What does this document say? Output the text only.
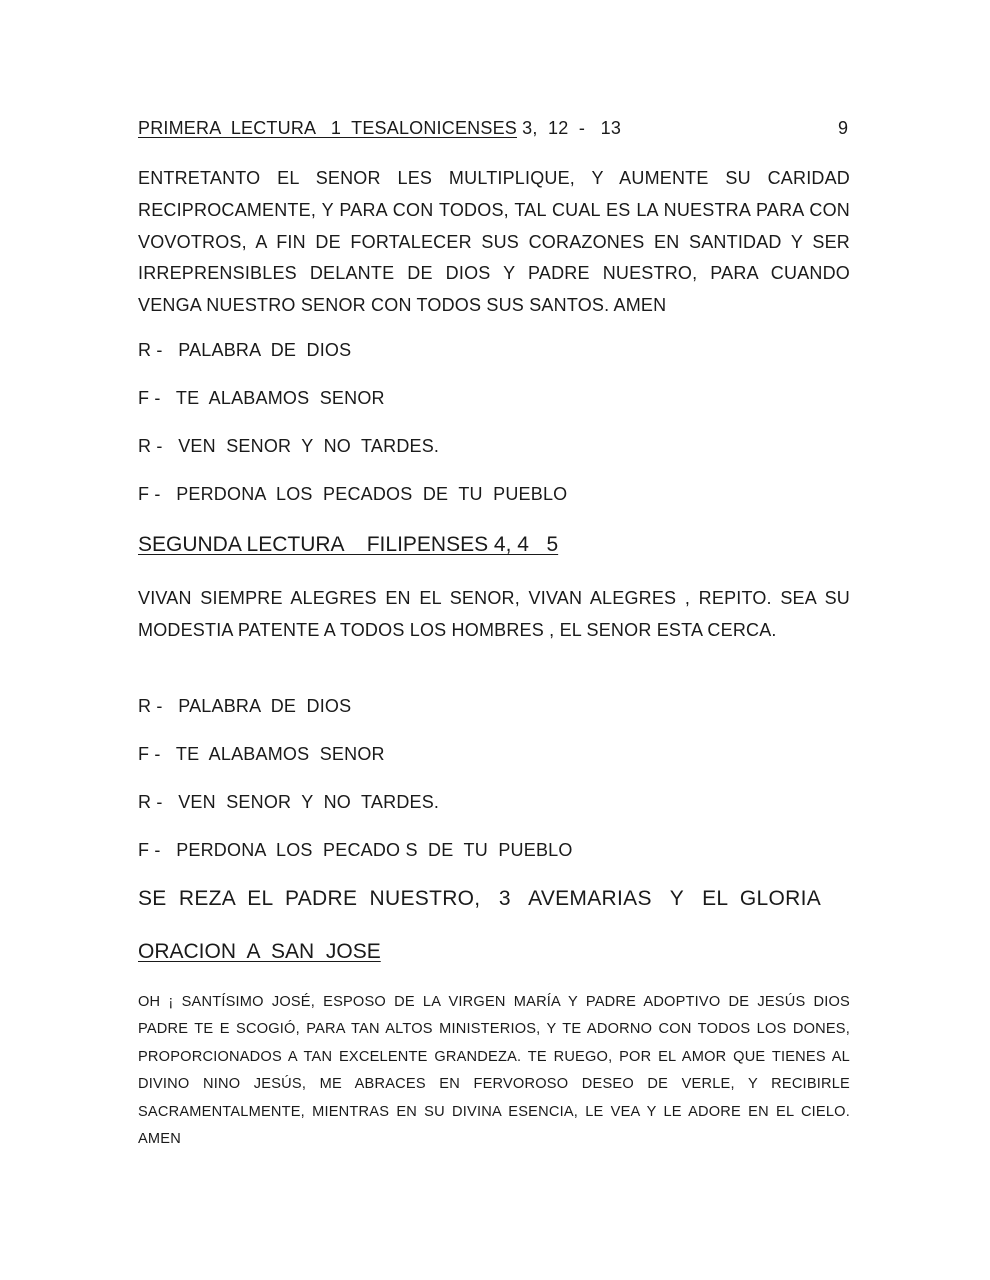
PRIMERA  LECTURA   1  TESALONICENSES 3,  12  -   13	9

ENTRETANTO EL SENOR LES MULTIPLIQUE, Y AUMENTE SU CARIDAD RECIPROCAMENTE, Y PARA CON TODOS, TAL CUAL ES LA NUESTRA PARA CON VOVOTROS, A FIN DE FORTALECER SUS CORAZONES EN SANTIDAD Y SER IRREPRENSIBLES DELANTE DE DIOS Y PADRE NUESTRO, PARA CUANDO VENGA NUESTRO SENOR CON TODOS SUS SANTOS. AMEN

R -   PALABRA  DE  DIOS

F -   TE  ALABAMOS  SENOR

R -   VEN  SENOR  Y  NO  TARDES.

F -   PERDONA  LOS  PECADOS  DE  TU  PUEBLO

SEGUNDA LECTURA    FILIPENSES 4, 4   5

VIVAN SIEMPRE ALEGRES EN EL SENOR, VIVAN ALEGRES , REPITO. SEA SU MODESTIA PATENTE A TODOS LOS HOMBRES , EL SENOR ESTA CERCA.

R -   PALABRA  DE  DIOS

F -   TE  ALABAMOS  SENOR

R -   VEN  SENOR  Y  NO  TARDES.

F -   PERDONA  LOS  PECADO S  DE  TU  PUEBLO

SE  REZA  EL  PADRE  NUESTRO,   3   AVEMARIAS   Y   EL  GLORIA

ORACION  A  SAN  JOSE

OH ¡ SANTÍSIMO JOSÉ, ESPOSO DE LA VIRGEN MARÍA Y PADRE ADOPTIVO DE JESÚS DIOS PADRE TE E SCOGIÓ, PARA TAN ALTOS MINISTERIOS, Y TE ADORNO CON TODOS LOS DONES, PROPORCIONADOS A TAN EXCELENTE GRANDEZA. TE RUEGO, POR EL AMOR QUE TIENES AL DIVINO NINO JESÚS, ME ABRACES EN FERVOROSO DESEO DE VERLE, Y RECIBIRLE SACRAMENTALMENTE, MIENTRAS EN SU DIVINA ESENCIA, LE VEA Y LE ADORE EN EL CIELO. AMEN
